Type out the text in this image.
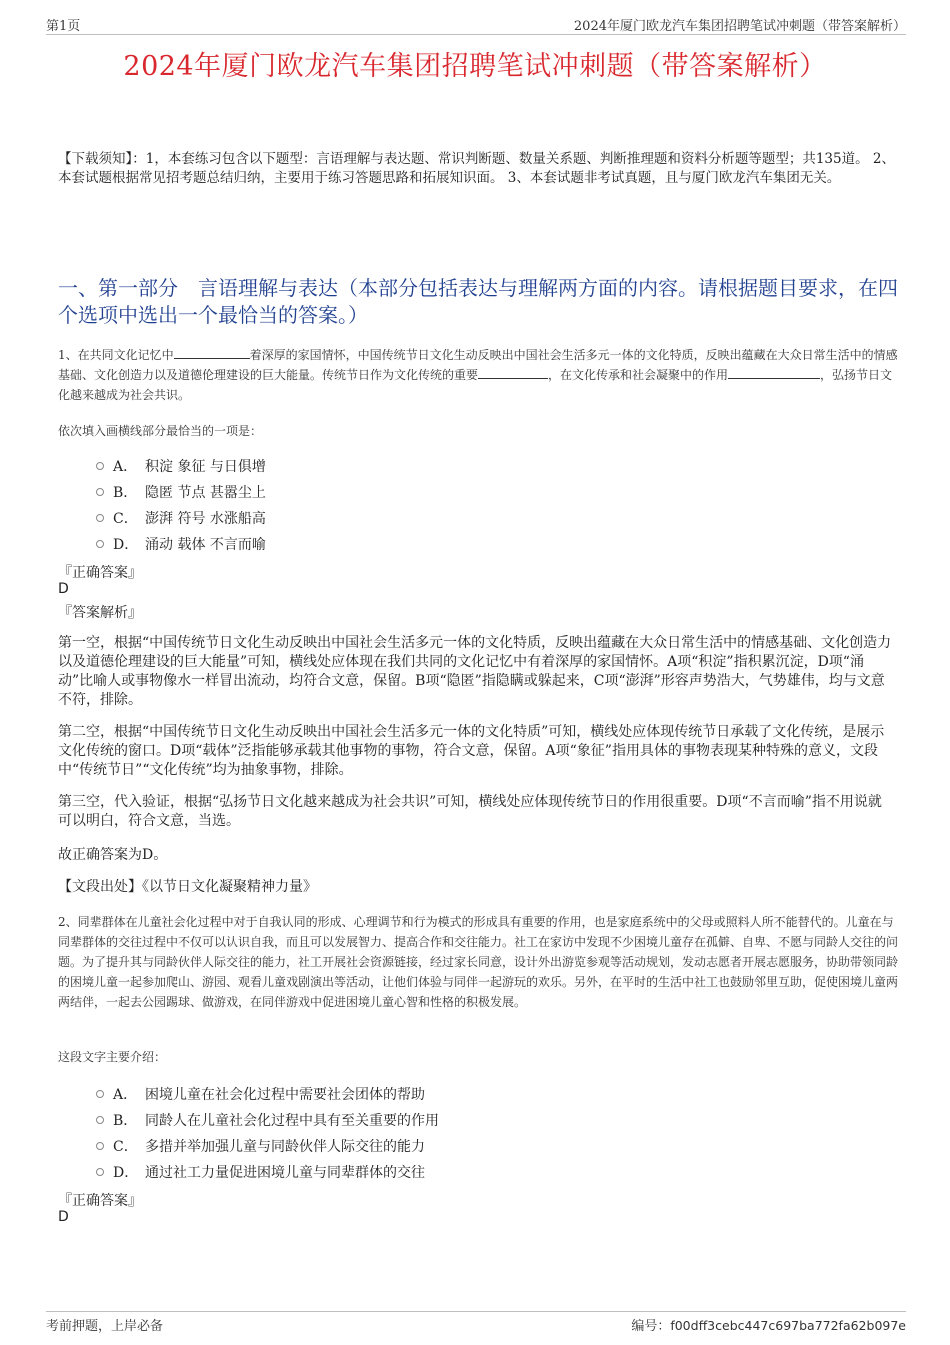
第1页	2024年厦门欧龙汽车集团招聘笔试冲刺题（带答案解析）
2024年厦门欧龙汽车集团招聘笔试冲刺题（带答案解析）
【下载须知】：1，本套练习包含以下题型：言语理解与表达题、常识判断题、数量关系题、判断推理题和资料分析题等题型；共135道。 2、本套试题根据常见招考题总结归纳，主要用于练习答题思路和拓展知识面。 3、本套试题非考试真题，且与厦门欧龙汽车集团无关。
一、第一部分　言语理解与表达（本部分包括表达与理解两方面的内容。请根据题目要求，在四个选项中选出一个最恰当的答案。）
1、在共同文化记忆中	着深厚的家国情怀，中国传统节日文化生动反映出中国社会生活多元一体的文化特质，反映出蕴藏在大众日常生活中的情感基础、文化创造力以及道德伦理建设的巨大能量。传统节日作为文化传统的重要	，在文化传承和社会凝聚中的作用	，弘扬节日文化越来越成为社会共识。
依次填入画横线部分最恰当的一项是：
A． 积淀 象征 与日俱增
B． 隐匿 节点 甚嚣尘上
C． 澎湃 符号 水涨船高
D． 涌动 载体 不言而喻
『正确答案』
D
『答案解析』
第一空，根据“中国传统节日文化生动反映出中国社会生活多元一体的文化特质，反映出蕴藏在大众日常生活中的情感基础、文化创造力以及道德伦理建设的巨大能量”可知，横线处应体现在我们共同的文化记忆中有着深厚的家国情怀。A项“积淀”指积累沉淀，D项“涌动”比喻人或事物像水一样冒出流动，均符合文意，保留。B项“隐匿”指隐瞒或躲起来，C项“澎湃”形容声势浩大，气势雄伟，均与文意不符，排除。
第二空，根据“中国传统节日文化生动反映出中国社会生活多元一体的文化特质”可知，横线处应体现传统节日承载了文化传统，是展示文化传统的窗口。D项“载体”泛指能够承载其他事物的事物，符合文意，保留。A项“象征”指用具体的事物表现某种特殊的意义，文段中“传统节日”“文化传统”均为抽象事物，排除。
第三空，代入验证，根据“弘扬节日文化越来越成为社会共识”可知，横线处应体现传统节日的作用很重要。D项“不言而喻”指不用说就可以明白，符合文意，当选。
故正确答案为D。
【文段出处】《以节日文化凝聚精神力量》
2、同辈群体在儿童社会化过程中对于自我认同的形成、心理调节和行为模式的形成具有重要的作用，也是家庭系统中的父母或照料人所不能替代的。儿童在与同辈群体的交往过程中不仅可以认识自我，而且可以发展智力、提高合作和交往能力。社工在家访中发现不少困境儿童存在孤僻、自卑、不愿与同龄人交往的问题。为了提升其与同龄伙伴人际交往的能力，社工开展社会资源链接，经过家长同意，设计外出游览参观等活动规划，发动志愿者开展志愿服务，协助带领同龄的困境儿童一起参加爬山、游园、观看儿童戏剧演出等活动，让他们体验与同伴一起游玩的欢乐。另外，在平时的生活中社工也鼓励邻里互助，促使困境儿童两两结伴，一起去公园踢球、做游戏，在同伴游戏中促进困境儿童心智和性格的积极发展。
这段文字主要介绍：
A． 困境儿童在社会化过程中需要社会团体的帮助
B． 同龄人在儿童社会化过程中具有至关重要的作用
C． 多措并举加强儿童与同龄伙伴人际交往的能力
D． 通过社工力量促进困境儿童与同辈群体的交往
『正确答案』
D
考前押题，上岸必备	编号：f00dff3cebc447c697ba772fa62b097e
